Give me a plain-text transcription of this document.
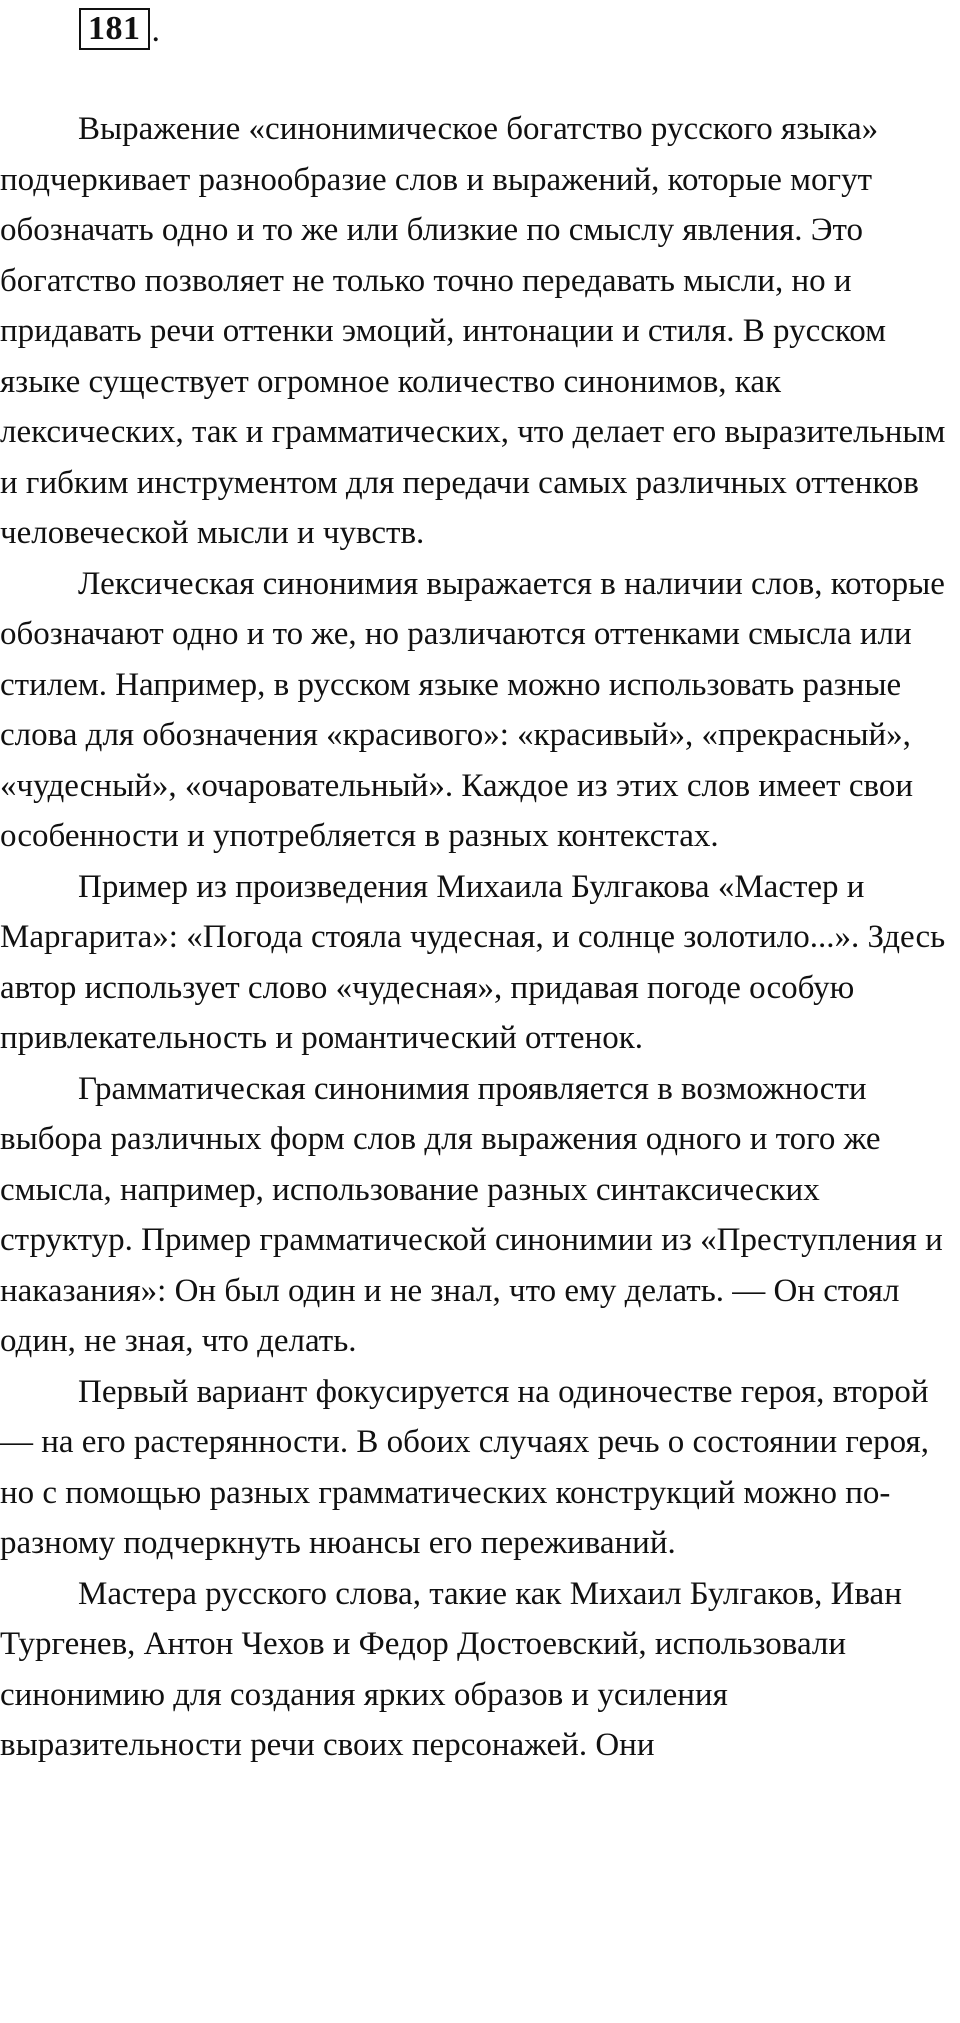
181 .

Выражение «синонимическое богатство русского языка» подчеркивает разнообразие слов и выражений, которые могут обозначать одно и то же или близкие по смыслу явления. Это богатство позволяет не только точно передавать мысли, но и придавать речи оттенки эмоций, интонации и стиля. В русском языке существует огромное количество синонимов, как лексических, так и грамматических, что делает его выразительным и гибким инструментом для передачи самых различных оттенков человеческой мысли и чувств.

Лексическая синонимия выражается в наличии слов, которые обозначают одно и то же, но различаются оттенками смысла или стилем. Например, в русском языке можно использовать разные слова для обозначения «красивого»: «красивый», «прекрасный», «чудесный», «очаровательный». Каждое из этих слов имеет свои особенности и употребляется в разных контекстах.

Пример из произведения Михаила Булгакова «Мастер и Маргарита»: «Погода стояла чудесная, и солнце золотило...». Здесь автор использует слово «чудесная», придавая погоде особую привлекательность и романтический оттенок.

Грамматическая синонимия проявляется в возможности выбора различных форм слов для выражения одного и того же смысла, например, использование разных синтаксических структур. Пример грамматической синонимии из «Преступления и наказания»: Он был один и не знал, что ему делать. — Он стоял один, не зная, что делать.

Первый вариант фокусируется на одиночестве героя, второй — на его растерянности. В обоих случаях речь о состоянии героя, но с помощью разных грамматических конструкций можно по-разному подчеркнуть нюансы его переживаний.

Мастера русского слова, такие как Михаил Булгаков, Иван Тургенев, Антон Чехов и Федор Достоевский, использовали синонимию для создания ярких образов и усиления выразительности речи своих персонажей. Они
